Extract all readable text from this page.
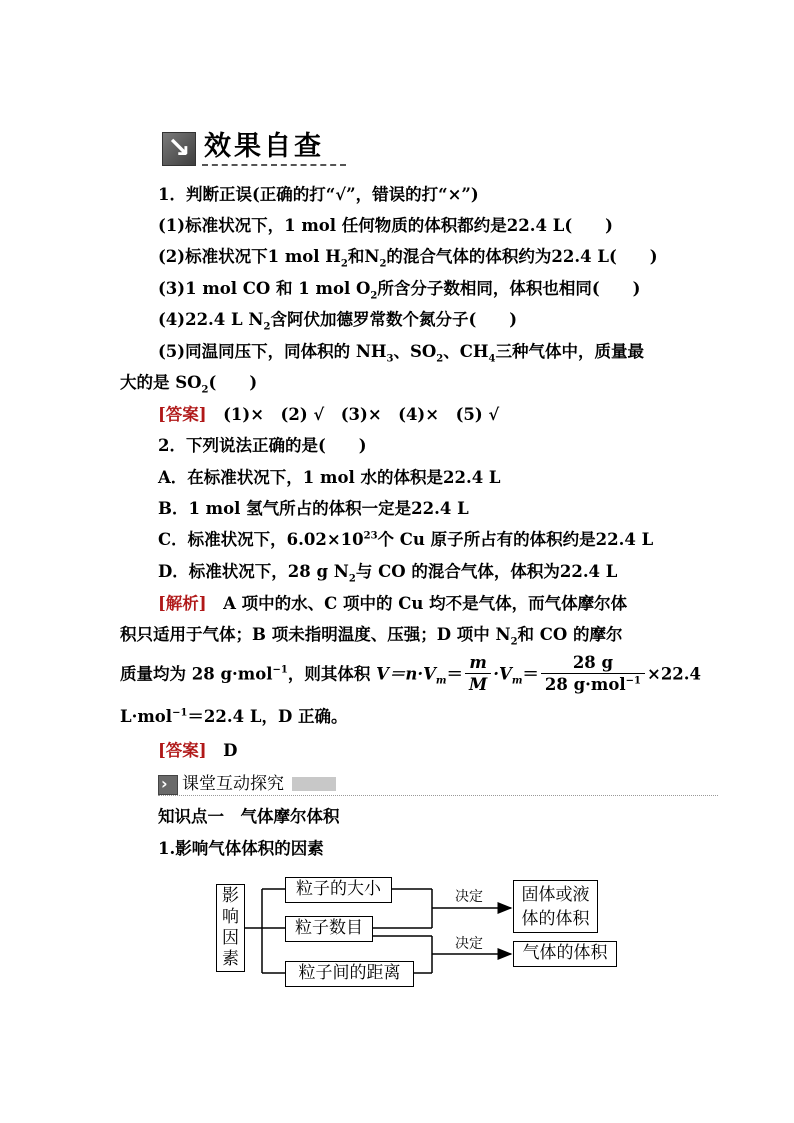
↘ 效果自查
1．判断正误(正确的打“√”，错误的打“×”)
(1)标准状况下，1 mol 任何物质的体积都约是22.4 L(　　)
(2)标准状况下1 mol $H_2$和$N_2$的混合气体的体积约为22.4 L(　　)
(3)1 mol CO 和 1 mol $O_2$所含分子数相同，体积也相同(　　)
(4)22.4 L $N_2$含阿伏加德罗常数个氮分子(　　)
(5)同温同压下，同体积的 $NH_3$、$SO_2$、$CH_4$三种气体中，质量最
大的是 $SO_2$(　　)
[答案]　 (1)×　(2) √　(3)×　(4)×　(5) √
2．下列说法正确的是(　　)
A．在标准状况下，1 mol 水的体积是22.4 L
B．1 mol 氢气所占的体积一定是22.4 L
C．标准状况下，$6.02\times 10^{23}$个 Cu 原子所占有的体积约是22.4 L
D．标准状况下，28 g $N_2$与 CO 的混合气体，体积为22.4 L
[解析]　 A 项中的水、C 项中的 Cu 均不是气体，而气体摩尔体
积只适用于气体；B 项未指明温度、压强；D 项中 $N_2$和 CO 的摩尔
质量均为 28 g·mol$^{-1}$，则其体积 $V=n\cdot V_m= \frac{m}{M} \cdot V_m= \frac{28 g}{28 g\cdot mol^{-1}} \times 22.4$
L·mol$^{-1}$＝22.4 L，D 正确。
[答案]　 D
› 课堂互动探究
知识点一　气体摩尔体积
1.影响气体体积的因素
影
响
因
素
粒子的大小
粒子数目
粒子间的距离
决定
决定
固体或液
体的体积
气体的体积
